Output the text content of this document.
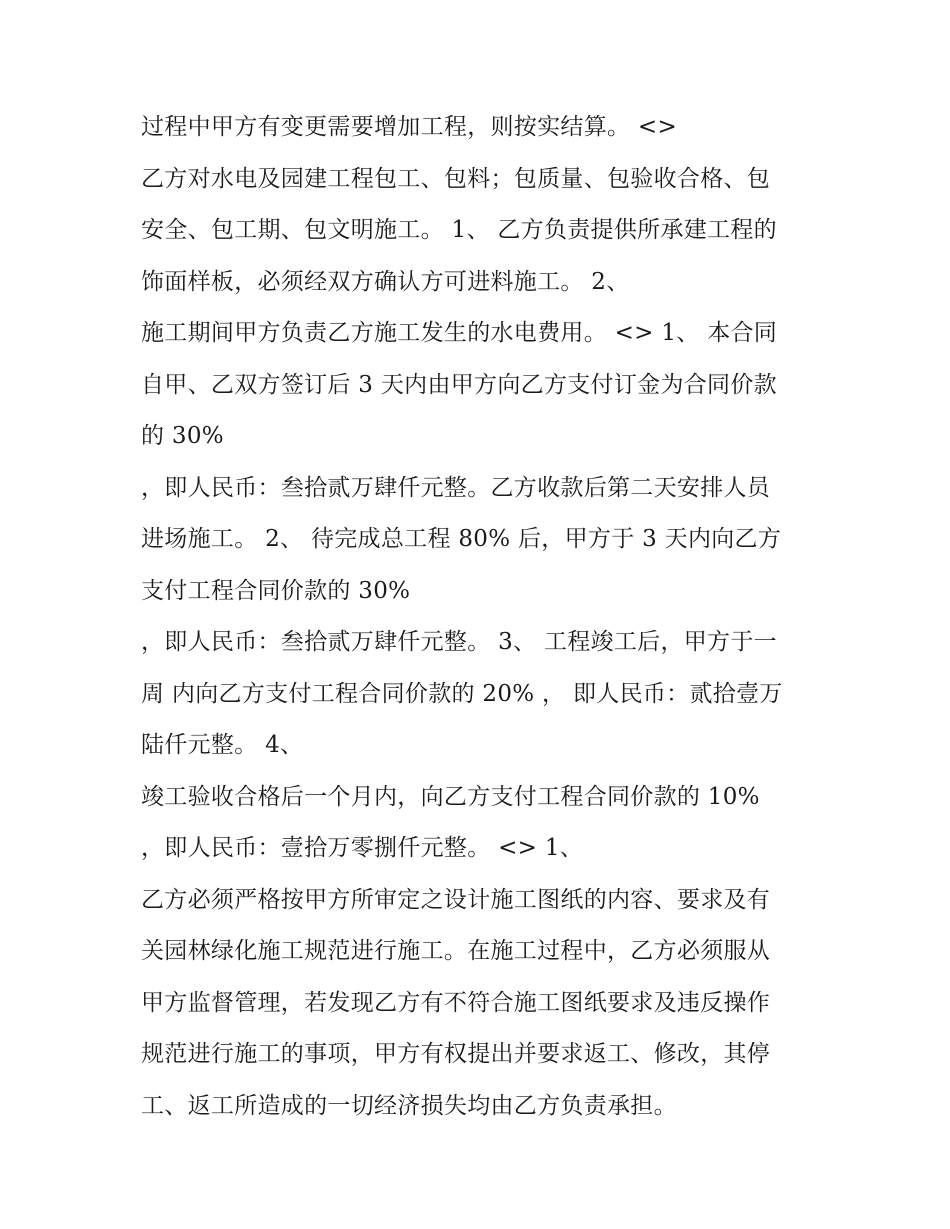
过程中甲方有变更需要增加工程，则按实结算。 <>
乙方对水电及园建工程包工、包料；包质量、包验收合格、包
安全、包工期、包文明施工。 1、 乙方负责提供所承建工程的
饰面样板，必须经双方确认方可进料施工。 2、
施工期间甲方负责乙方施工发生的水电费用。 <> 1、 本合同
自甲、乙双方签订后 3 天内由甲方向乙方支付订金为合同价款
的 30%
，即人民币：叁拾贰万肆仟元整。乙方收款后第二天安排人员
进场施工。 2、 待完成总工程 80% 后，甲方于 3 天内向乙方
支付工程合同价款的 30%
，即人民币：叁拾贰万肆仟元整。 3、 工程竣工后，甲方于一
周 内向乙方支付工程合同价款的 20% ， 即人民币：贰拾壹万
陆仟元整。 4、
竣工验收合格后一个月内，向乙方支付工程合同价款的 10%
，即人民币：壹拾万零捌仟元整。 <> 1、
乙方必须严格按甲方所审定之设计施工图纸的内容、要求及有
关园林绿化施工规范进行施工。在施工过程中，乙方必须服从
甲方监督管理，若发现乙方有不符合施工图纸要求及违反操作
规范进行施工的事项，甲方有权提出并要求返工、修改，其停
工、返工所造成的一切经济损失均由乙方负责承担。
